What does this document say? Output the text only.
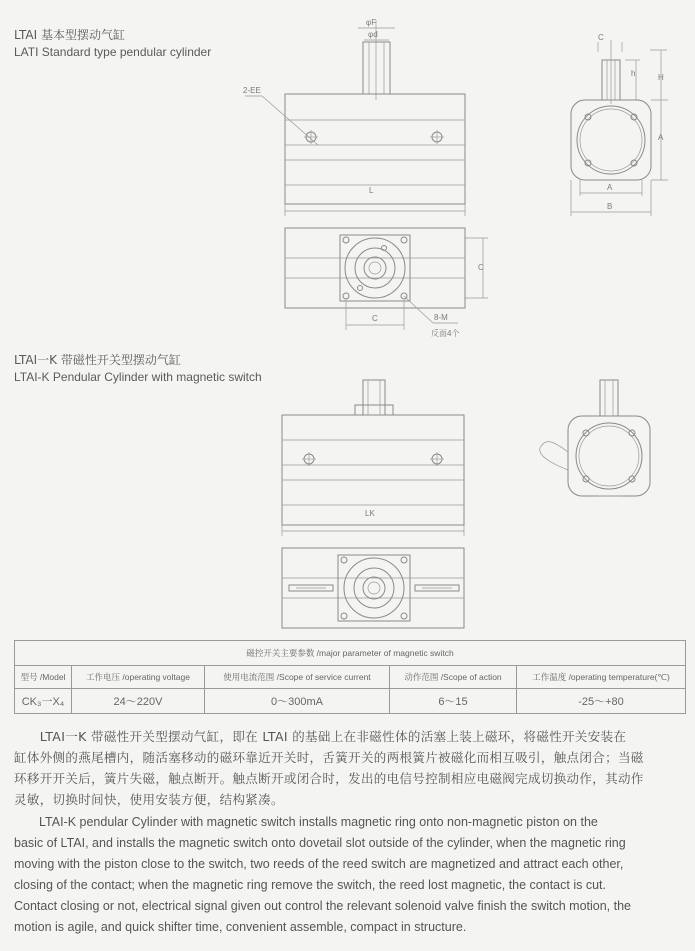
LTAI 基本型摆动气缸
LATI Standard type pendular cylinder
LTAI一K 带磁性开关型摆动气缸
LTAI-K Pendular Cylinder with magnetic switch
φF
φd
2-EE
L
C
h	H
A
A
B
C
C	8-M
反面4个
LK
磁控开关主要参数 /major parameter of magnetic switch				
型号 /Model	工作电压 /operating voltage	使用电流范围 /Scope of service current	动作范围 /Scope of action	工作温度 /operating temperature(℃)
CK₃一X₄	24～220V	0～300mA	6～15	-25～+80
　　LTAI一K 带磁性开关型摆动气缸，即在 LTAI 的基础上在非磁性体的活塞上装上磁环，将磁性开关安装在
缸体外侧的燕尾槽内，随活塞移动的磁环靠近开关时，舌簧开关的两根簧片被磁化而相互吸引，触点闭合；当磁
环移开开关后，簧片失磁，触点断开。触点断开或闭合时，发出的电信号控制相应电磁阀完成切换动作，其动作
灵敏，切换时间快，使用安装方便，结构紧凑。
　　LTAI-K pendular Cylinder with magnetic switch installs magnetic ring onto non-magnetic piston on the
basic of LTAI, and installs the magnetic switch onto dovetail slot outside of the cylinder, when the magnetic ring
moving with the piston close to the switch, two reeds of the reed switch are magnetized and attract each other,
closing of the contact; when the magnetic ring remove the switch, the reed lost magnetic, the contact is cut.
Contact closing or not, electrical signal given out control the relevant solenoid valve finish the switch motion, the
motion is agile, and quick shifter time, convenient assemble, compact in structure.
